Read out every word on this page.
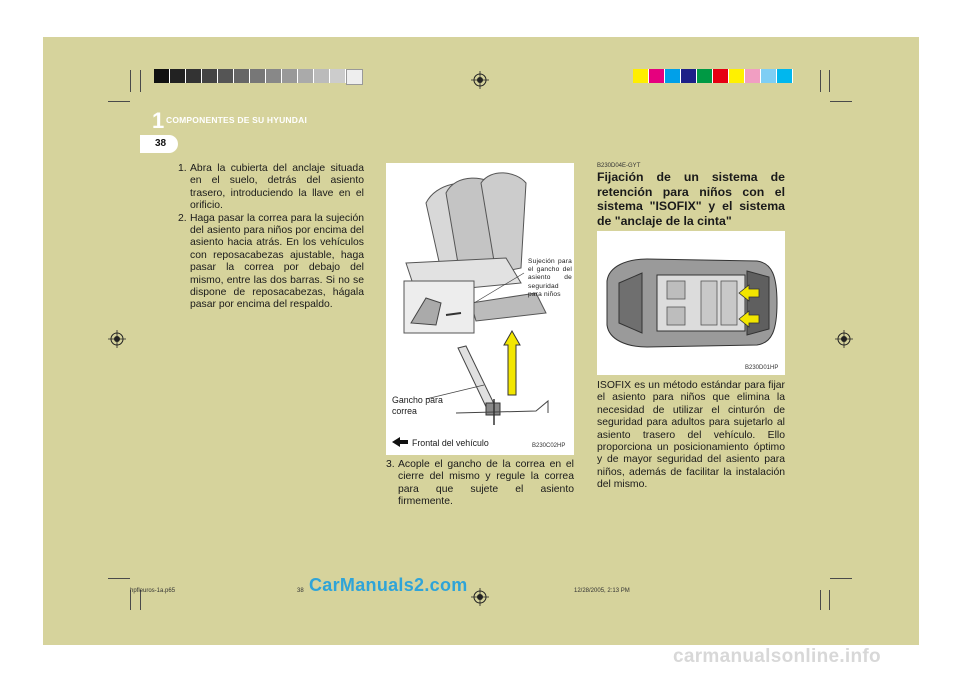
1 COMPONENTES DE SU HYUNDAI
38
1. Abra la cubierta del anclaje situada en el suelo, detrás del asiento trasero, introduciendo la llave en el orificio.
2. Haga pasar la correa para la sujeción del asiento para niños por encima del asiento hacia atrás. En los vehículos con reposacabezas ajustable, haga pasar la correa por debajo del mismo, entre las dos barras. Si no se dispone de reposacabezas, hágala pasar por encima del respaldo.
Sujeción para el gancho del asiento de seguridad para niños
Gancho para correa
Frontal del vehículo	B230C02HP
3. Acople el gancho de la correa en el cierre del mismo y regule la correa para que sujete el asiento firmemente.
B230D04E-GYT
Fijación de un sistema de retención para niños con el sistema "ISOFIX" y el sistema de "anclaje de la cinta"
B230D01HP
ISOFIX es un método estándar para fijar el asiento para niños que elimina la necesidad de utilizar el cinturón de seguridad para adultos para sujetarlo al asiento trasero del vehículo. Ello proporciona un posicionamiento óptimo y de mayor seguridad del asiento para niños, además de facilitar la instalación del mismo.
hpfleuros-1a.p65	38	12/28/2005, 2:13 PM
CarManuals2.com
carmanualsonline.info
